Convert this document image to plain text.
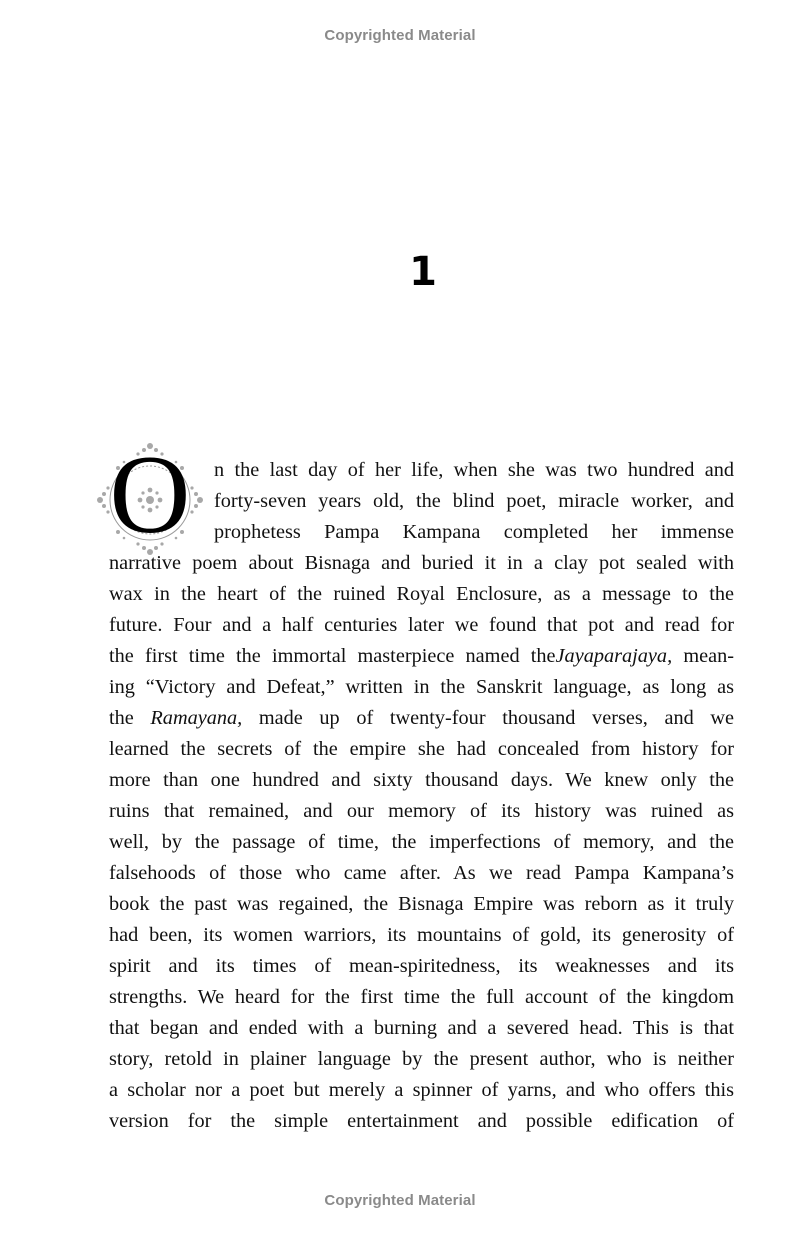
Copyrighted Material
1
O	n the last day of her life, when she was two hundred and
forty-seven years old, the blind poet, miracle worker, and
prophetess Pampa Kampana completed her immense
narrative poem about Bisnaga and buried it in a clay pot sealed with
wax in the heart of the ruined Royal Enclosure, as a message to the
future. Four and a half centuries later we found that pot and read for
the first time the immortal masterpiece named theJayaparajaya, mean-
ing “Victory and Defeat,” written in the Sanskrit language, as long as
the Ramayana, made up of twenty-four thousand verses, and we
learned the secrets of the empire she had concealed from history for
more than one hundred and sixty thousand days. We knew only the
ruins that remained, and our memory of its history was ruined as
well, by the passage of time, the imperfections of memory, and the
falsehoods of those who came after. As we read Pampa Kampana’s
book the past was regained, the Bisnaga Empire was reborn as it truly
had been, its women warriors, its mountains of gold, its generosity of
spirit and its times of mean-spiritedness, its weaknesses and its
strengths. We heard for the first time the full account of the kingdom
that began and ended with a burning and a severed head. This is that
story, retold in plainer language by the present author, who is neither
a scholar nor a poet but merely a spinner of yarns, and who offers this
version for the simple entertainment and possible edification of
Copyrighted Material
